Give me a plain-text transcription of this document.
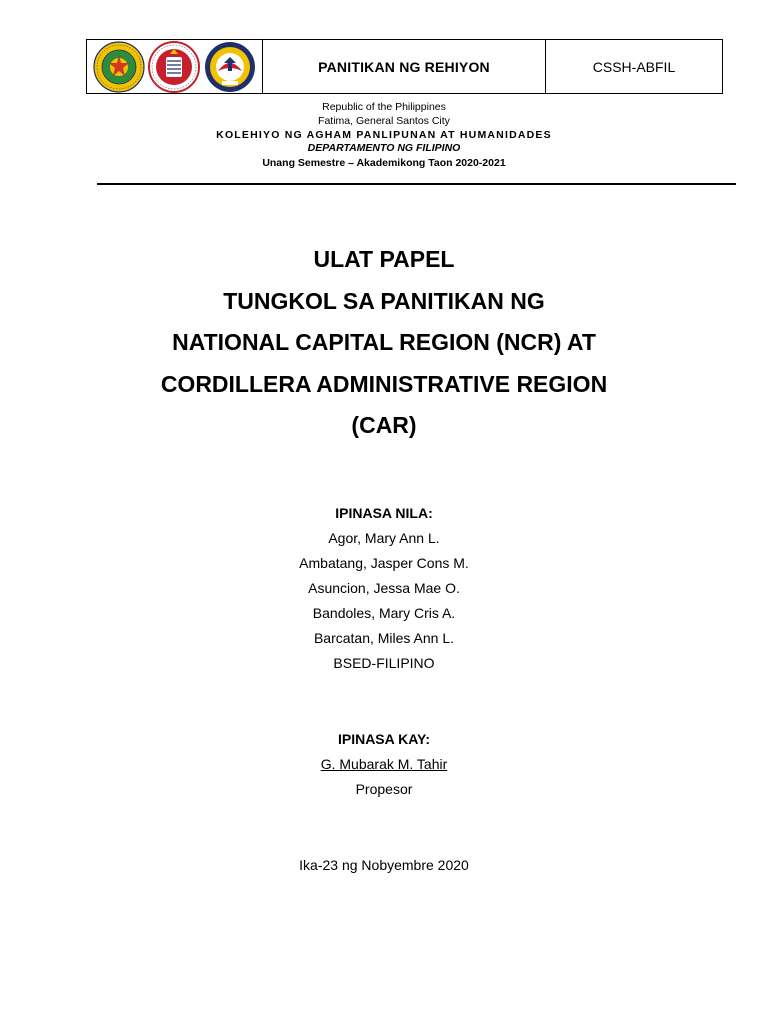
PANITIKAN NG REHIYON	CSSH-ABFIL
Republic of the Philippines
Fatima, General Santos City
KOLEHIYO NG AGHAM PANLIPUNAN AT HUMANIDADES
DEPARTAMENTO NG FILIPINO
Unang Semestre – Akademikong Taon 2020-2021

ULAT PAPEL

TUNGKOL SA PANITIKAN NG

NATIONAL CAPITAL REGION (NCR) AT

CORDILLERA ADMINISTRATIVE REGION

(CAR)

IPINASA NILA:
Agor, Mary Ann L.
Ambatang, Jasper Cons M.
Asuncion, Jessa Mae O.
Bandoles, Mary Cris A.
Barcatan, Miles Ann L.
BSED-FILIPINO
IPINASA KAY:
G. Mubarak M. Tahir
Propesor
Ika-23 ng Nobyembre 2020
